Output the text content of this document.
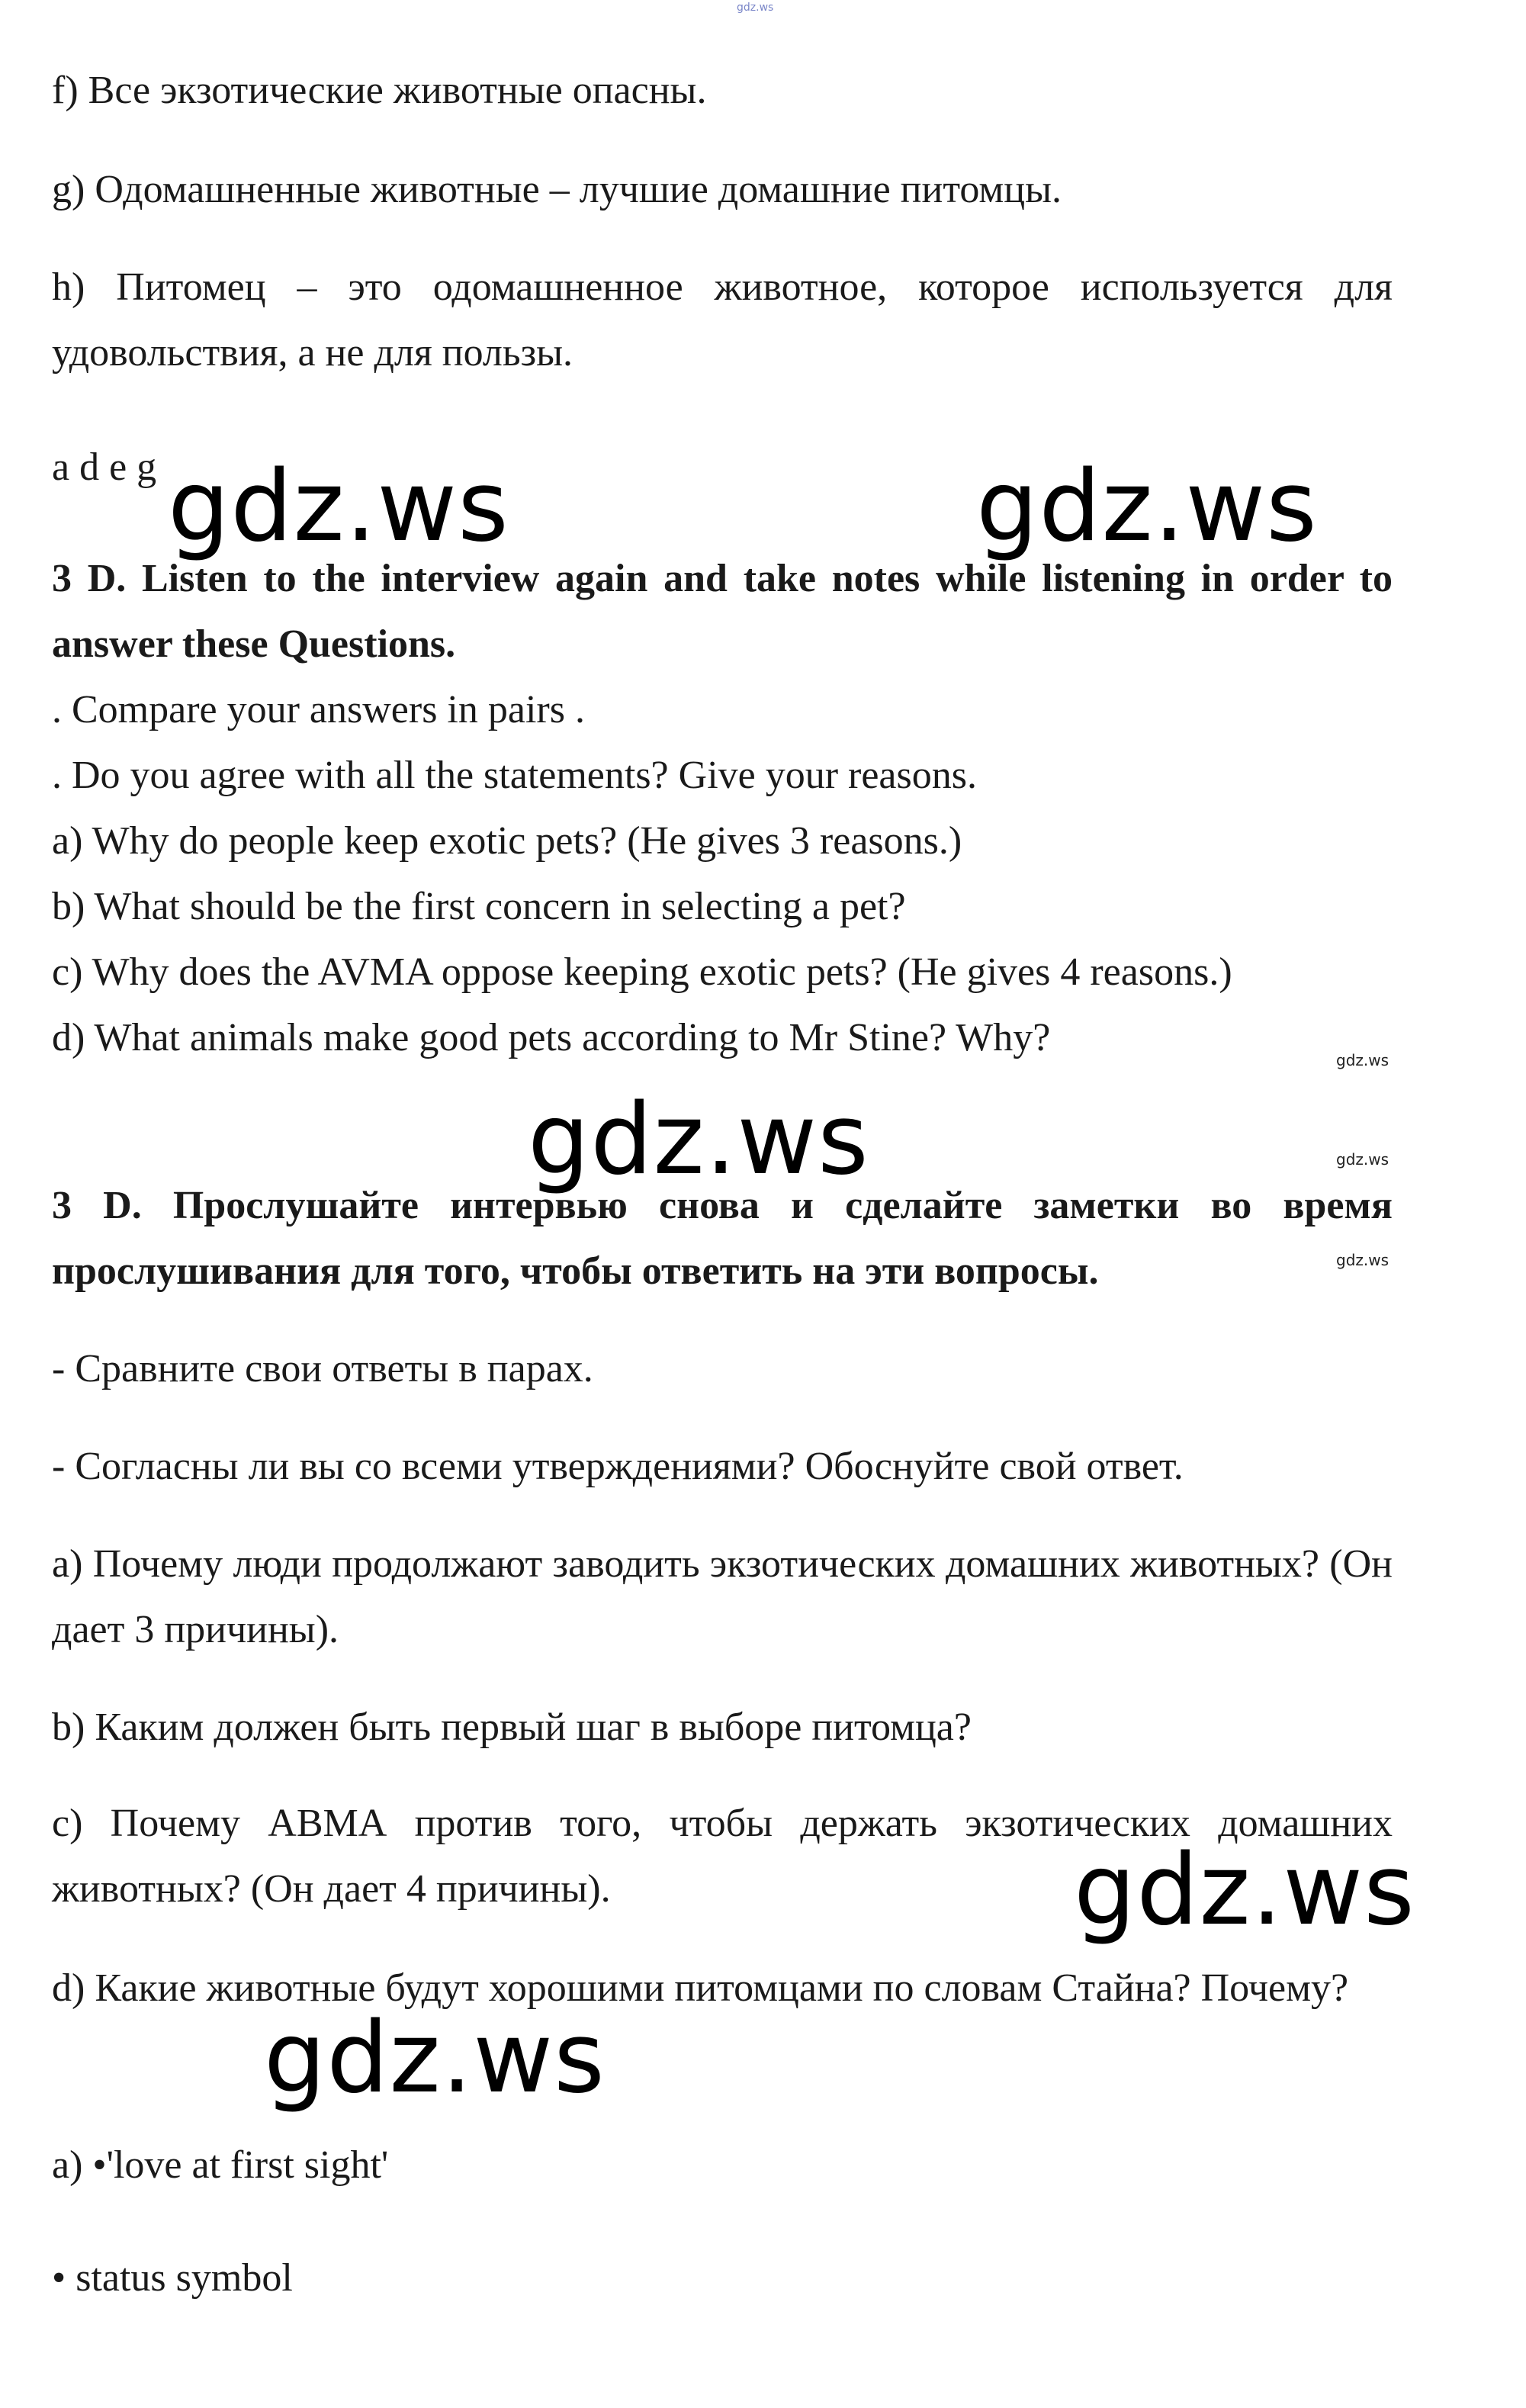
gdz.ws

f) Все экзотические животные опасны.

g) Одомашненные животные – лучшие домашние питомцы.

h) Питомец – это одомашненное животное, которое используется для удовольствия, а не для пользы.

a d e g gdz.ws	gdz.ws

3 D. Listen to the interview again and take notes while listening in order to answer these Questions.

. Compare your answers in pairs .

. Do you agree with all the statements? Give your reasons.

a) Why do people keep exotic pets? (He gives 3 reasons.)

b) What should be the first concern in selecting a pet?

c) Why does the AVMA oppose keeping exotic pets? (He gives 4 reasons.)

d) What animals make good pets according to Mr Stine? Why?

gdz.ws
gdz.ws
gdz.ws
gdz.ws

3 D. Прослушайте интервью снова и сделайте заметки во время прослушивания для того, чтобы ответить на эти вопросы.

- Сравните свои ответы в парах.

- Согласны ли вы со всеми утверждениями? Обоснуйте свой ответ.

a) Почему люди продолжают заводить экзотических домашних животных? (Он дает 3 причины).

b) Каким должен быть первый шаг в выборе питомца?

c) Почему АВМА против того, чтобы держать экзотических домашних животных? (Он дает 4 причины).

d) Какие животные будут хорошими питомцами по словам Стайна? Почему?

gdz.ws
gdz.ws

a) •'love at first sight'

• status symbol
